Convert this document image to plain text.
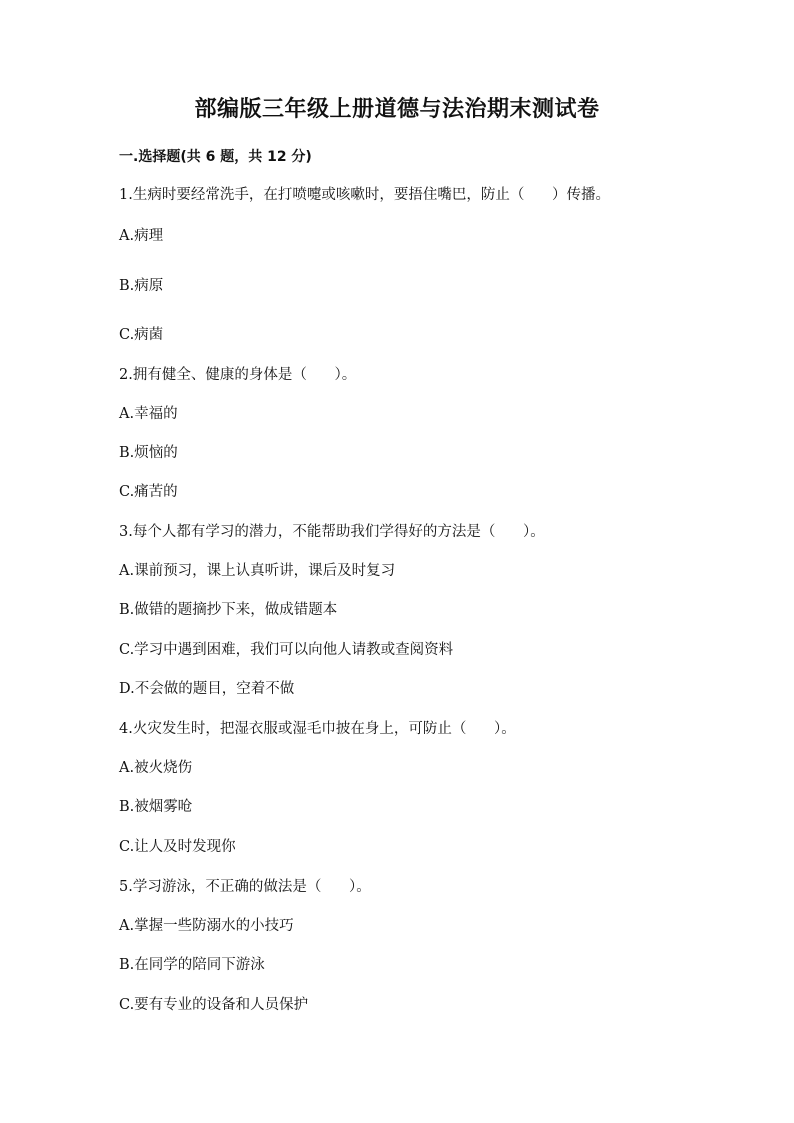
部编版三年级上册道德与法治期末测试卷
一.选择题(共 6 题，共 12 分)
1.生病时要经常洗手，在打喷嚏或咳嗽时，要捂住嘴巴，防止（      ）传播。
A.病理
B.病原
C.病菌
2.拥有健全、健康的身体是（      ）。
A.幸福的
B.烦恼的
C.痛苦的
3.每个人都有学习的潜力，不能帮助我们学得好的方法是（      ）。
A.课前预习，课上认真听讲，课后及时复习
B.做错的题摘抄下来，做成错题本
C.学习中遇到困难，我们可以向他人请教或查阅资料
D.不会做的题目，空着不做
4.火灾发生时，把湿衣服或湿毛巾披在身上，可防止（      ）。
A.被火烧伤
B.被烟雾呛
C.让人及时发现你
5.学习游泳，不正确的做法是（      ）。
A.掌握一些防溺水的小技巧
B.在同学的陪同下游泳
C.要有专业的设备和人员保护
